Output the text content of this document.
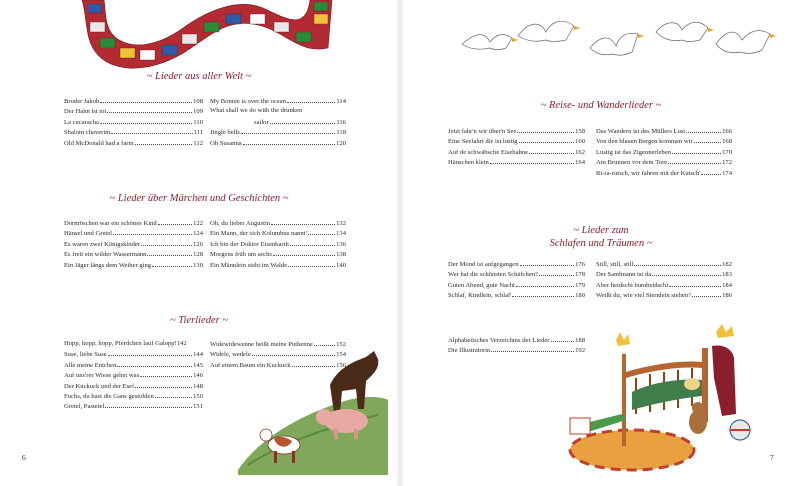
~ Lieder aus aller Welt ~
Bruder Jakob	108
Der Hahn ist tot	109
La cucaracha	110
Shalom chaverim	111
Old McDonald had a farm	112
My Bonnie is over the ocean	114
What shall we do with the drunken
sailor	116
Jingle bells	118
Oh Susanna	120
~ Lieder über Märchen und Geschichten ~
Dornröschen war ein schönes Kind	122
Hänsel und Gretel	124
Es waren zwei Königskinder	126
Es freit ein wilder Wassermann	128
Ein Jäger längs dem Weiher ging	130
Oh, du lieber Augustin	132
Ein Mann, der sich Kolumbus nannt'	134
Ich bin der Doktor Eisenbarth	136
Morgens früh um sechs	138
Ein Männlein steht im Walde	140
~ Tierlieder ~
Hopp, hopp, hopp, Pferdchen lauf Galopp! 142
Suse, liebe Suse	144
Alle meine Entchen	145
Auf uns'rer Wiese gehet was	146
Der Kuckuck und der Esel	148
Fuchs, du hast die Gans gestohlen	150
Gretel, Pastetel	151
Widewidewenne heißt meine Puthenne	152
Widele, wedele	154
Auf einem Baum ein Kuckuck	156
6
~ Reise- und Wanderlieder ~
Jetzt fahr'n wir über'n See	158
Eine Seefahrt die ist lustig	160
Auf de schwäbsche Eisebahne	162
Hänschen klein	164
Das Wandern ist des Müllers Lust	166
Von den blauen Bergen kommen wir	168
Lustig ist das Zigeunerleben	170
Am Brunnen vor dem Tore	172
Ri-ra-rutsch, wir fahren mit der Kutsch'	174
~ Lieder zum
Schlafen und Träumen ~
Der Mond ist aufgegangen	176
Wer hat die schönsten Schäfchen?	178
Guten Abend, gute Nacht	179
Schlaf, Kindlein, schlaf'	180
Still, still, still	182
Der Sandmann ist da	183
Aber heidschi bumbeidschi	184
Weißt du, wie viel Sternlein stehen?	186
Alphabetisches Verzeichnis der Lieder	188
Die Illustratorin	192
7
